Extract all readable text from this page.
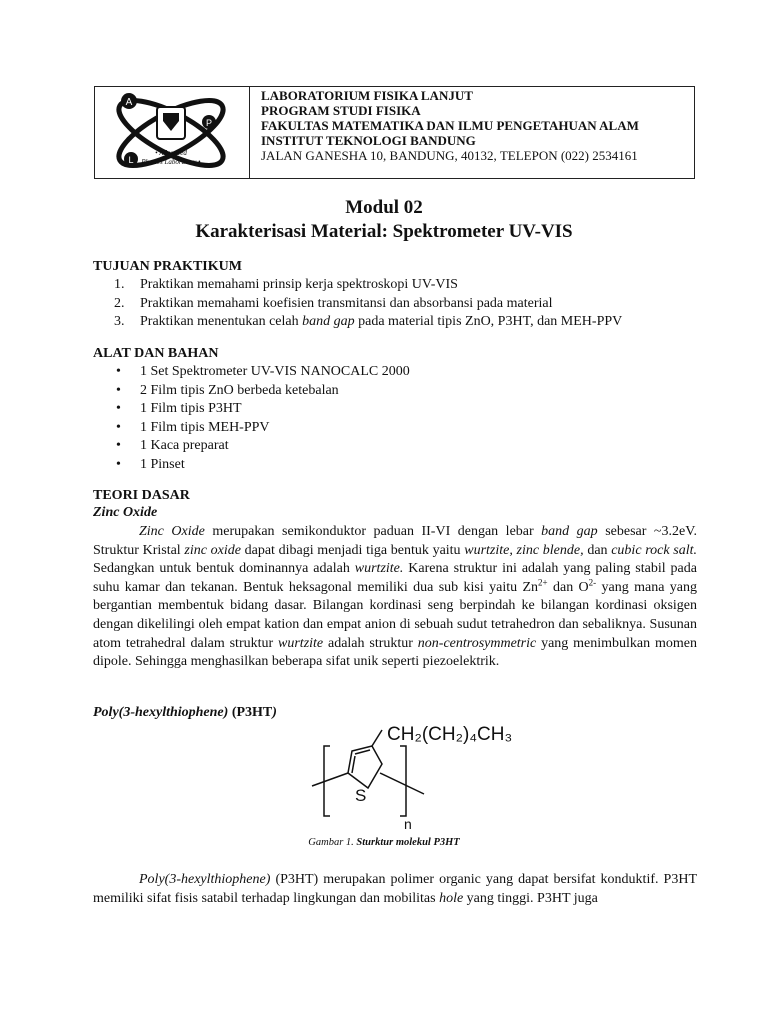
A
P
L
• Advanced
Physics Laboratory •
LABORATORIUM FISIKA LANJUT
PROGRAM STUDI FISIKA
FAKULTAS MATEMATIKA DAN ILMU PENGETAHUAN ALAM
INSTITUT TEKNOLOGI BANDUNG
JALAN GANESHA 10, BANDUNG, 40132, TELEPON (022) 2534161
Modul 02
Karakterisasi Material: Spektrometer UV-VIS
TUJUAN PRAKTIKUM
1. Praktikan memahami prinsip kerja spektroskopi UV-VIS
2. Praktikan memahami koefisien transmitansi dan absorbansi pada material
3. Praktikan menentukan celah band gap pada material tipis ZnO, P3HT, dan MEH-PPV
ALAT DAN BAHAN
• 1 Set Spektrometer UV-VIS NANOCALC 2000
• 2 Film tipis ZnO berbeda ketebalan
• 1 Film tipis P3HT
• 1 Film tipis MEH-PPV
• 1 Kaca preparat
• 1 Pinset
TEORI DASAR
Zinc Oxide

Zinc Oxide merupakan semikonduktor paduan II-VI dengan lebar band gap sebesar ~3.2eV. Struktur Kristal zinc oxide dapat dibagi menjadi tiga bentuk yaitu wurtzite, zinc blende, dan cubic rock salt. Sedangkan untuk bentuk dominannya adalah wurtzite. Karena struktur ini adalah yang paling stabil pada suhu kamar dan tekanan. Bentuk heksagonal memiliki dua sub kisi yaitu $Zn^{2+}$ dan $O^{2-}$ yang mana yang bergantian membentuk bidang dasar. Bilangan kordinasi seng berpindah ke bilangan kordinasi oksigen dengan dikelilingi oleh empat kation dan empat anion di sebuah sudut tetrahedron dan sebaliknya. Susunan atom tetrahedral dalam struktur wurtzite adalah struktur non-centrosymmetric yang menimbulkan momen dipole. Sehingga menghasilkan beberapa sifat unik seperti piezoelektrik.

Poly(3-hexylthiophene) (P3HT)
CH₂(CH₂)₄CH₃
S
n
Gambar 1. Sturktur molekul P3HT

Poly(3-hexylthiophene) (P3HT) merupakan polimer organic yang dapat bersifat konduktif. P3HT memiliki sifat fisis satabil terhadap lingkungan dan mobilitas hole yang tinggi. P3HT juga
